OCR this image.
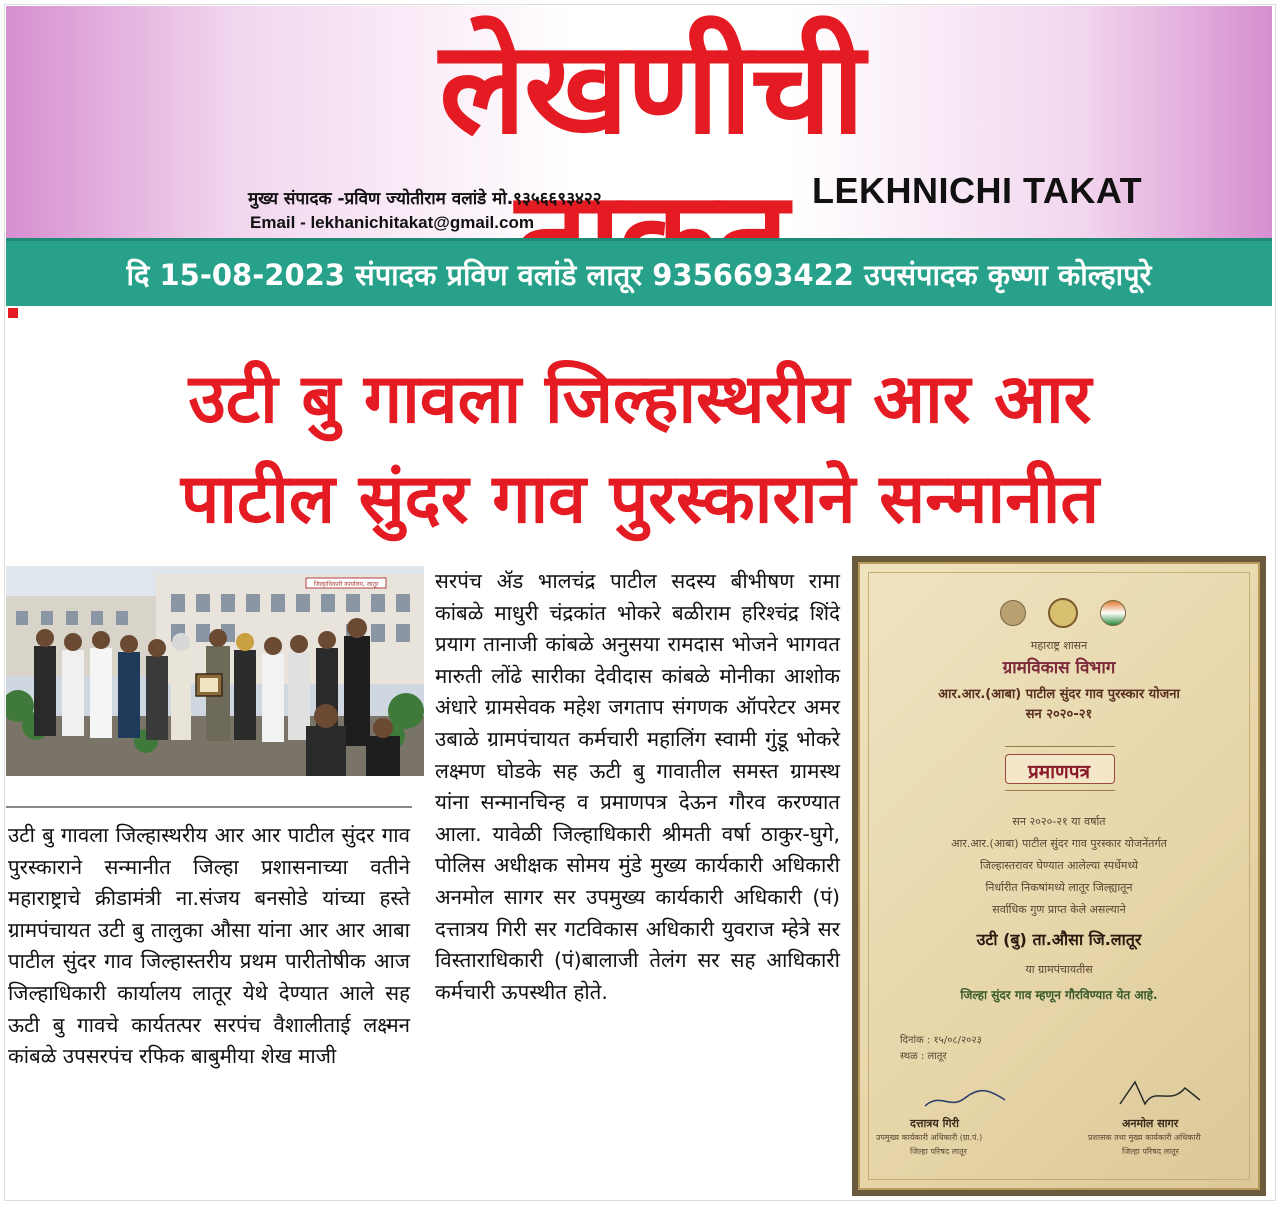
लेखणीची
मुख्य संपादक -प्रविण ज्योतीराम वलांडे मो.९३५६६९३४२२
Email - lekhanichitakat@gmail.com
LEKHNICHI TAKAT
दि 15-08-2023 संपादक प्रविण वलांडे लातूर 9356693422 उपसंपादक कृष्णा कोल्हापूरे
उटी बु गावला जिल्हास्थरीय आर आर
पाटील सुंदर गाव पुरस्काराने सन्मानीत
जिल्हाधिकारी कार्यालय, लातूर
उटी बु गावला जिल्हास्थरीय आर आर पाटील सुंदर गाव पुरस्काराने सन्मानीत जिल्हा प्रशासनाच्या वतीने महाराष्ट्राचे क्रीडामंत्री ना.संजय बनसोडे यांच्या हस्ते ग्रामपंचायत उटी बु तालुका औसा यांना आर आर आबा पाटील सुंदर गाव जिल्हास्तरीय प्रथम पारीतोषीक आज जिल्हाधिकारी कार्यालय लातूर येथे देण्यात आले सह ऊटी बु गावचे कार्यतत्पर सरपंच वैशालीताई लक्ष्मन कांबळे उपसरपंच रफिक बाबुमीया शेख माजी
सरपंच ॲड भालचंद्र पाटील सदस्य बीभीषण रामा कांबळे माधुरी चंद्रकांत भोकरे बळीराम हरिश्चंद्र शिंदे प्रयाग तानाजी कांबळे अनुसया रामदास भोजने भागवत मारुती लोंढे सारीका देवीदास कांबळे मोनीका आशोक अंधारे ग्रामसेवक महेश जगताप संगणक ऑपरेटर अमर उबाळे ग्रामपंचायत कर्मचारी महालिंग स्वामी गुंडू भोकरे लक्ष्मण घोडके सह ऊटी बु गावातील समस्त ग्रामस्थ यांना सन्मानचिन्ह व प्रमाणपत्र देऊन गौरव करण्यात आला. यावेळी जिल्हाधिकारी श्रीमती वर्षा ठाकुर-घुगे, पोलिस अधीक्षक सोमय मुंडे मुख्य कार्यकारी अधिकारी अनमोल सागर सर उपमुख्य कार्यकारी अधिकारी (पं) दत्तात्रय गिरी सर गटविकास अधिकारी युवराज म्हेत्रे सर विस्ताराधिकारी (पं)बालाजी तेलंग सर सह आधिकारी कर्मचारी ऊपस्थीत होते.
महाराष्ट्र शासन
ग्रामविकास विभाग
आर.आर.(आबा) पाटील सुंदर गाव पुरस्कार योजना
सन २०२०-२१
प्रमाणपत्र
सन २०२०-२१ या वर्षात
आर.आर.(आबा) पाटील सुंदर गाव पुरस्कार योजनेंतर्गत
जिल्हास्तरावर घेण्यात आलेल्या स्पर्धेमध्ये
निर्धारीत निकषांमध्ये लातूर जिल्ह्यातून
सर्वाधिक गुण प्राप्त केले असल्याने
उटी (बु) ता.औसा जि.लातूर
या ग्रामपंचायतीस
जिल्हा सुंदर गाव म्हणून गौरविण्यात येत आहे.
दिनांक : १५/०८/२०२३
स्थळ : लातूर
दत्तात्रय गिरी
उपमुख्य कार्यकारी अधिकारी (ग्रा.पं.)
जिल्हा परिषद लातूर
अनमोल सागर
प्रशासक तथा मुख्य कार्यकारी अधिकारी
जिल्हा परिषद लातूर
